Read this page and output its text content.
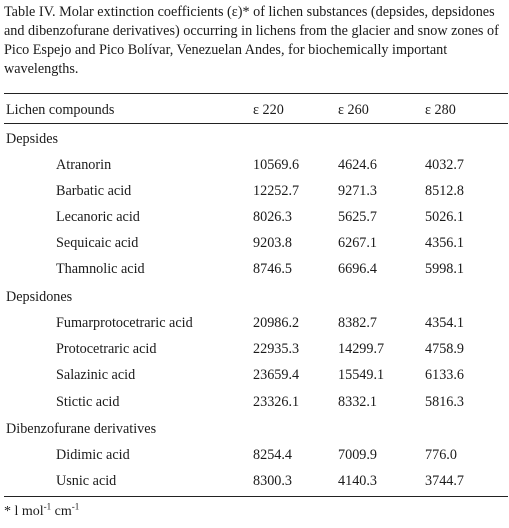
Table IV. Molar extinction coefficients (ε)* of lichen substances (depsides, depsidones and dibenzofurane derivatives) occurring in lichens from the glacier and snow zones of Pico Espejo and Pico Bolívar, Venezuelan Andes, for biochemically important wavelengths.
Lichen compounds	ε 220	ε 260	ε 280
Depsides
Atranorin	10569.6	4624.6	4032.7
Barbatic acid	12252.7	9271.3	8512.8
Lecanoric acid	8026.3	5625.7	5026.1
Sequicaic acid	9203.8	6267.1	4356.1
Thamnolic acid	8746.5	6696.4	5998.1
Depsidones
Fumarprotocetraric acid	20986.2	8382.7	4354.1
Protocetraric acid	22935.3	14299.7	4758.9
Salazinic acid	23659.4	15549.1	6133.6
Stictic acid	23326.1	8332.1	5816.3
Dibenzofurane derivatives
Didimic acid	8254.4	7009.9	776.0
Usnic acid	8300.3	4140.3	3744.7
* l mol$^{-1}$ $cm^{-1}$
